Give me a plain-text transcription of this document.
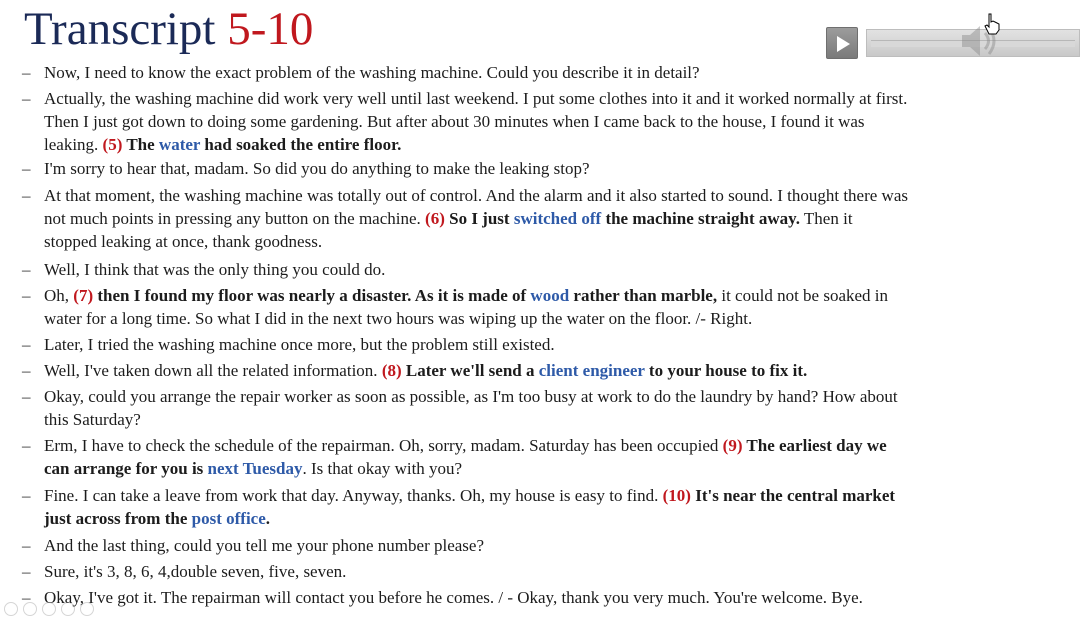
Transcript 5-10
– Now, I need to know the exact problem of the washing machine. Could you describe it in detail?

– Actually, the washing machine did work very well until last weekend. I put some clothes into it and it worked normally at first.

Then I just got down to doing some gardening. But after about 30 minutes when I came back to the house, I found it was

leaking. (5) The water had soaked the entire floor.

– I'm sorry to hear that, madam. So did you do anything to make the leaking stop?

– At that moment, the washing machine was totally out of control. And the alarm and it also started to sound. I thought there was

not much points in pressing any button on the machine. (6) So I just switched off the machine straight away. Then it

stopped leaking at once, thank goodness.

– Well, I think that was the only thing you could do.

– Oh, (7) then I found my floor was nearly a disaster. As it is made of wood rather than marble, it could not be soaked in

water for a long time. So what I did in the next two hours was wiping up the water on the floor. /- Right.

– Later, I tried the washing machine once more, but the problem still existed.

– Well, I've taken down all the related information. (8) Later we'll send a client engineer to your house to fix it.

– Okay, could you arrange the repair worker as soon as possible, as I'm too busy at work to do the laundry by hand? How about

this Saturday?

– Erm, I have to check the schedule of the repairman. Oh, sorry, madam. Saturday has been occupied (9) The earliest day we

can arrange for you is next Tuesday. Is that okay with you?

– Fine. I can take a leave from work that day. Anyway, thanks. Oh, my house is easy to find. (10) It's near the central market

just across from the post office.

– And the last thing, could you tell me your phone number please?

– Sure, it's 3, 8, 6, 4,double seven, five, seven.

– Okay, I've got it. The repairman will contact you before he comes. / - Okay, thank you very much. You're welcome. Bye.
